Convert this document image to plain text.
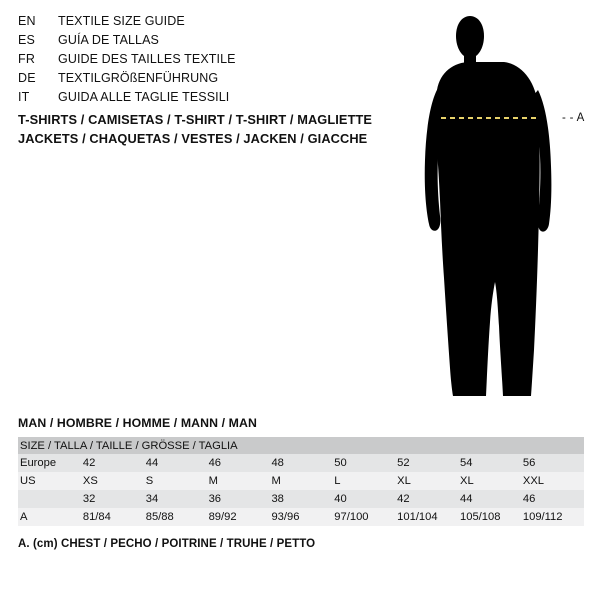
EN	TEXTILE SIZE GUIDE
ES	GUÍA DE TALLAS
FR	GUIDE DES TAILLES TEXTILE
DE	TEXTILGRÖßENFÜHRUNG
IT	GUIDA ALLE TAGLIE TESSILI
T-SHIRTS / CAMISETAS / T-SHIRT / T-SHIRT / MAGLIETTE
JACKETS / CHAQUETAS / VESTES / JACKEN / GIACCHE
- - A
MAN / HOMBRE / HOMME / MANN / MAN
SIZE / TALLA / TAILLE / GRÖSSE / TAGLIA								
Europe	42	44	46	48	50	52	54	56
US	XS	S	M	M	L	XL	XL	XXL
	32	34	36	38	40	42	44	46
A	81/84	85/88	89/92	93/96	97/100	101/104	105/108	109/112
A. (cm) CHEST / PECHO / POITRINE / TRUHE / PETTO
